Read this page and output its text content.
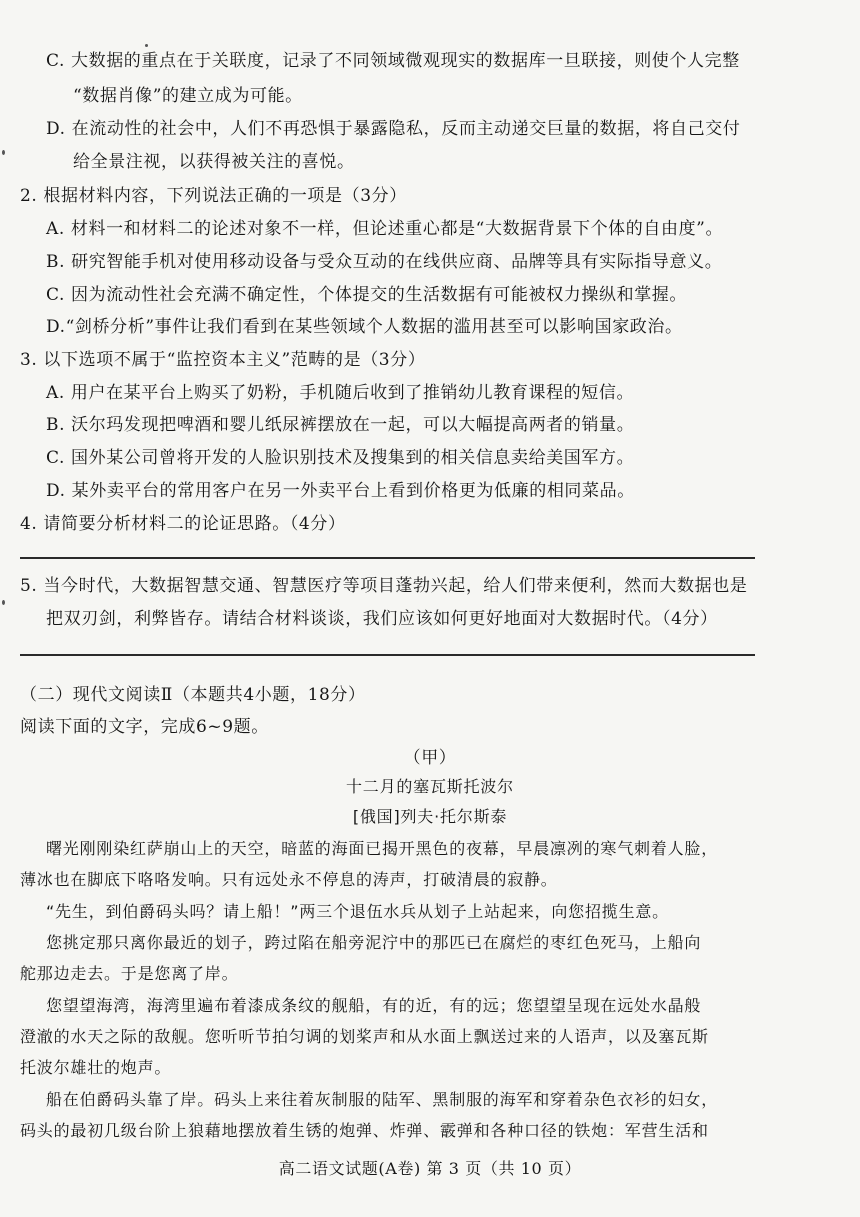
C. 大数据的重点在于关联度，记录了不同领域微观现实的数据库一旦联接，则使个人完整
“数据肖像”的建立成为可能。
D. 在流动性的社会中，人们不再恐惧于暴露隐私，反而主动递交巨量的数据，将自己交付
给全景注视，以获得被关注的喜悦。
2. 根据材料内容，下列说法正确的一项是（3分）
A. 材料一和材料二的论述对象不一样，但论述重心都是“大数据背景下个体的自由度”。
B. 研究智能手机对使用移动设备与受众互动的在线供应商、品牌等具有实际指导意义。
C. 因为流动性社会充满不确定性，个体提交的生活数据有可能被权力操纵和掌握。
D.“剑桥分析”事件让我们看到在某些领域个人数据的滥用甚至可以影响国家政治。
3. 以下选项不属于“监控资本主义”范畴的是（3分）
A. 用户在某平台上购买了奶粉，手机随后收到了推销幼儿教育课程的短信。
B. 沃尔玛发现把啤酒和婴儿纸尿裤摆放在一起，可以大幅提高两者的销量。
C. 国外某公司曾将开发的人脸识别技术及搜集到的相关信息卖给美国军方。
D. 某外卖平台的常用客户在另一外卖平台上看到价格更为低廉的相同菜品。
4. 请简要分析材料二的论证思路。（4分）
5. 当今时代，大数据智慧交通、智慧医疗等项目蓬勃兴起，给人们带来便利，然而大数据也是
把双刃剑，利弊皆存。请结合材料谈谈，我们应该如何更好地面对大数据时代。（4分）
（二）现代文阅读Ⅱ（本题共4小题，18分）
阅读下面的文字，完成6~9题。
（甲）
十二月的塞瓦斯托波尔
[俄国]列夫·托尔斯泰
曙光刚刚染红萨崩山上的天空，暗蓝的海面已揭开黑色的夜幕，早晨凛冽的寒气刺着人脸，
薄冰也在脚底下咯咯发响。只有远处永不停息的涛声，打破清晨的寂静。
“先生，到伯爵码头吗？请上船！”两三个退伍水兵从划子上站起来，向您招揽生意。
您挑定那只离你最近的划子，跨过陷在船旁泥泞中的那匹已在腐烂的枣红色死马，上船向
舵那边走去。于是您离了岸。
您望望海湾，海湾里遍布着漆成条纹的舰船，有的近，有的远；您望望呈现在远处水晶般
澄澈的水天之际的敌舰。您听听节拍匀调的划桨声和从水面上飘送过来的人语声，以及塞瓦斯
托波尔雄壮的炮声。
船在伯爵码头靠了岸。码头上来往着灰制服的陆军、黑制服的海军和穿着杂色衣衫的妇女，
码头的最初几级台阶上狼藉地摆放着生锈的炮弹、炸弹、霰弹和各种口径的铁炮：军营生活和
高二语文试题(A卷) 第 3 页（共 10 页）
